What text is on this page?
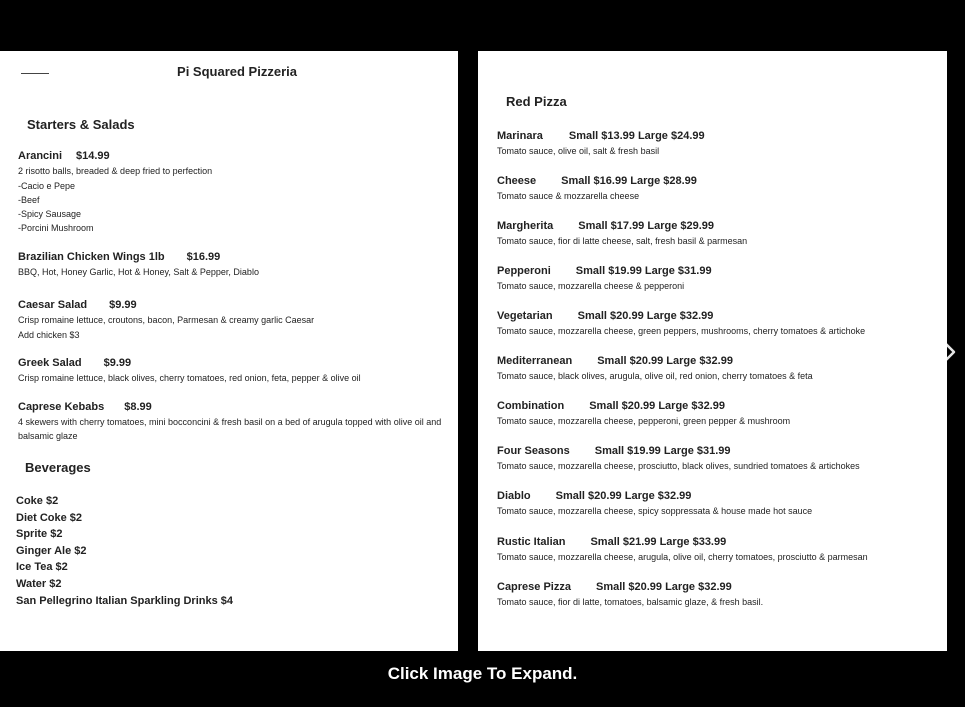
Pi Squared Pizzeria
Starters & Salads
Arancini $14.99
2 risotto balls, breaded & deep fried to perfection
-Cacio e Pepe
-Beef
-Spicy Sausage
-Porcini Mushroom
Brazilian Chicken Wings 1lb $16.99
BBQ, Hot, Honey Garlic, Hot & Honey, Salt & Pepper, Diablo
Caesar Salad $9.99
Crisp romaine lettuce, croutons, bacon, Parmesan & creamy garlic Caesar
Add chicken $3
Greek Salad $9.99
Crisp romaine lettuce, black olives, cherry tomatoes, red onion, feta, pepper & olive oil
Caprese Kebabs $8.99
4 skewers with cherry tomatoes, mini bocconcini & fresh basil on a bed of arugula topped with olive oil and balsamic glaze
Beverages
Coke $2
Diet Coke $2
Sprite $2
Ginger Ale $2
Ice Tea $2
Water $2
San Pellegrino Italian Sparkling Drinks $4
Red Pizza
Marinara Small $13.99 Large $24.99
Tomato sauce, olive oil, salt & fresh basil
Cheese Small $16.99 Large $28.99
Tomato sauce & mozzarella cheese
Margherita Small $17.99 Large $29.99
Tomato sauce, fior di latte cheese, salt, fresh basil & parmesan
Pepperoni Small $19.99 Large $31.99
Tomato sauce, mozzarella cheese & pepperoni
Vegetarian Small $20.99 Large $32.99
Tomato sauce, mozzarella cheese, green peppers, mushrooms, cherry tomatoes & artichoke
Mediterranean Small $20.99 Large $32.99
Tomato sauce, black olives, arugula, olive oil, red onion, cherry tomatoes & feta
Combination Small $20.99 Large $32.99
Tomato sauce, mozzarella cheese, pepperoni, green pepper & mushroom
Four Seasons Small $19.99 Large $31.99
Tomato sauce, mozzarella cheese, prosciutto, black olives, sundried tomatoes & artichokes
Diablo Small $20.99 Large $32.99
Tomato sauce, mozzarella cheese, spicy soppressata & house made hot sauce
Rustic Italian Small $21.99 Large $33.99
Tomato sauce, mozzarella cheese, arugula, olive oil, cherry tomatoes, prosciutto & parmesan
Caprese Pizza Small $20.99 Large $32.99
Tomato sauce, fior di latte, tomatoes, balsamic glaze, & fresh basil.
Click Image To Expand.
